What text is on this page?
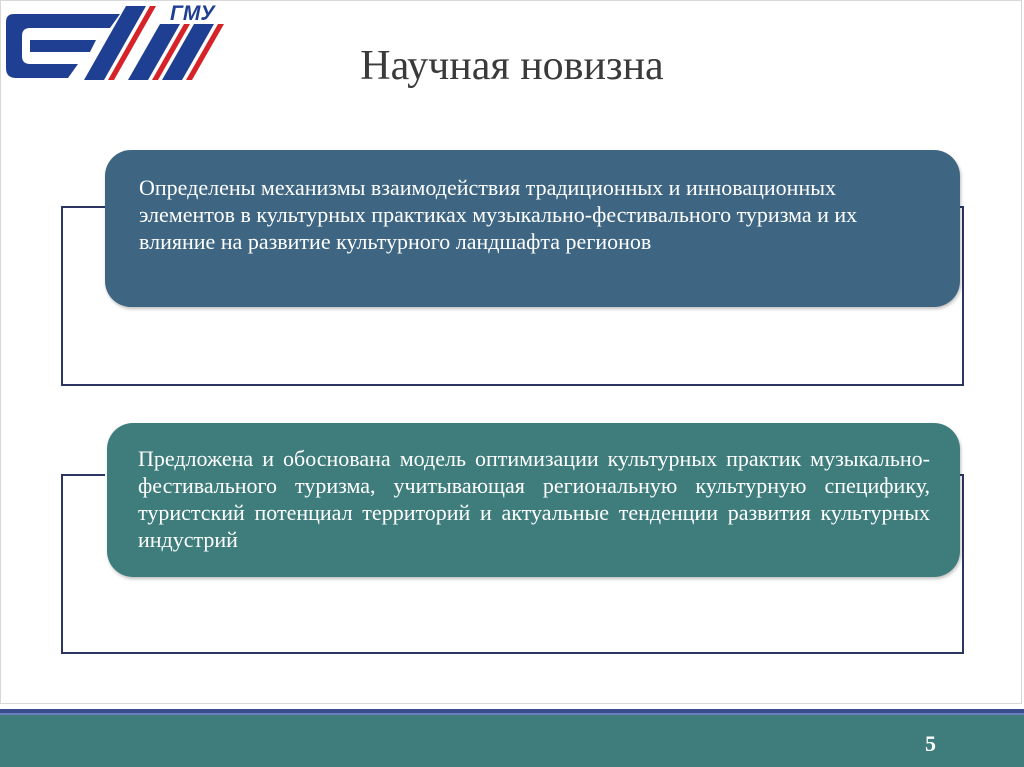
ГМУ
Научная новизна
Определены механизмы взаимодействия традиционных и инновационных элементов в культурных практиках музыкально-фестивального туризма и их влияние на развитие культурного ландшафта регионов
Предложена и обоснована модель оптимизации культурных практик музыкально-фестивального туризма, учитывающая региональную культурную специфику, туристский потенциал территорий и актуальные тенденции развития культурных индустрий
5
